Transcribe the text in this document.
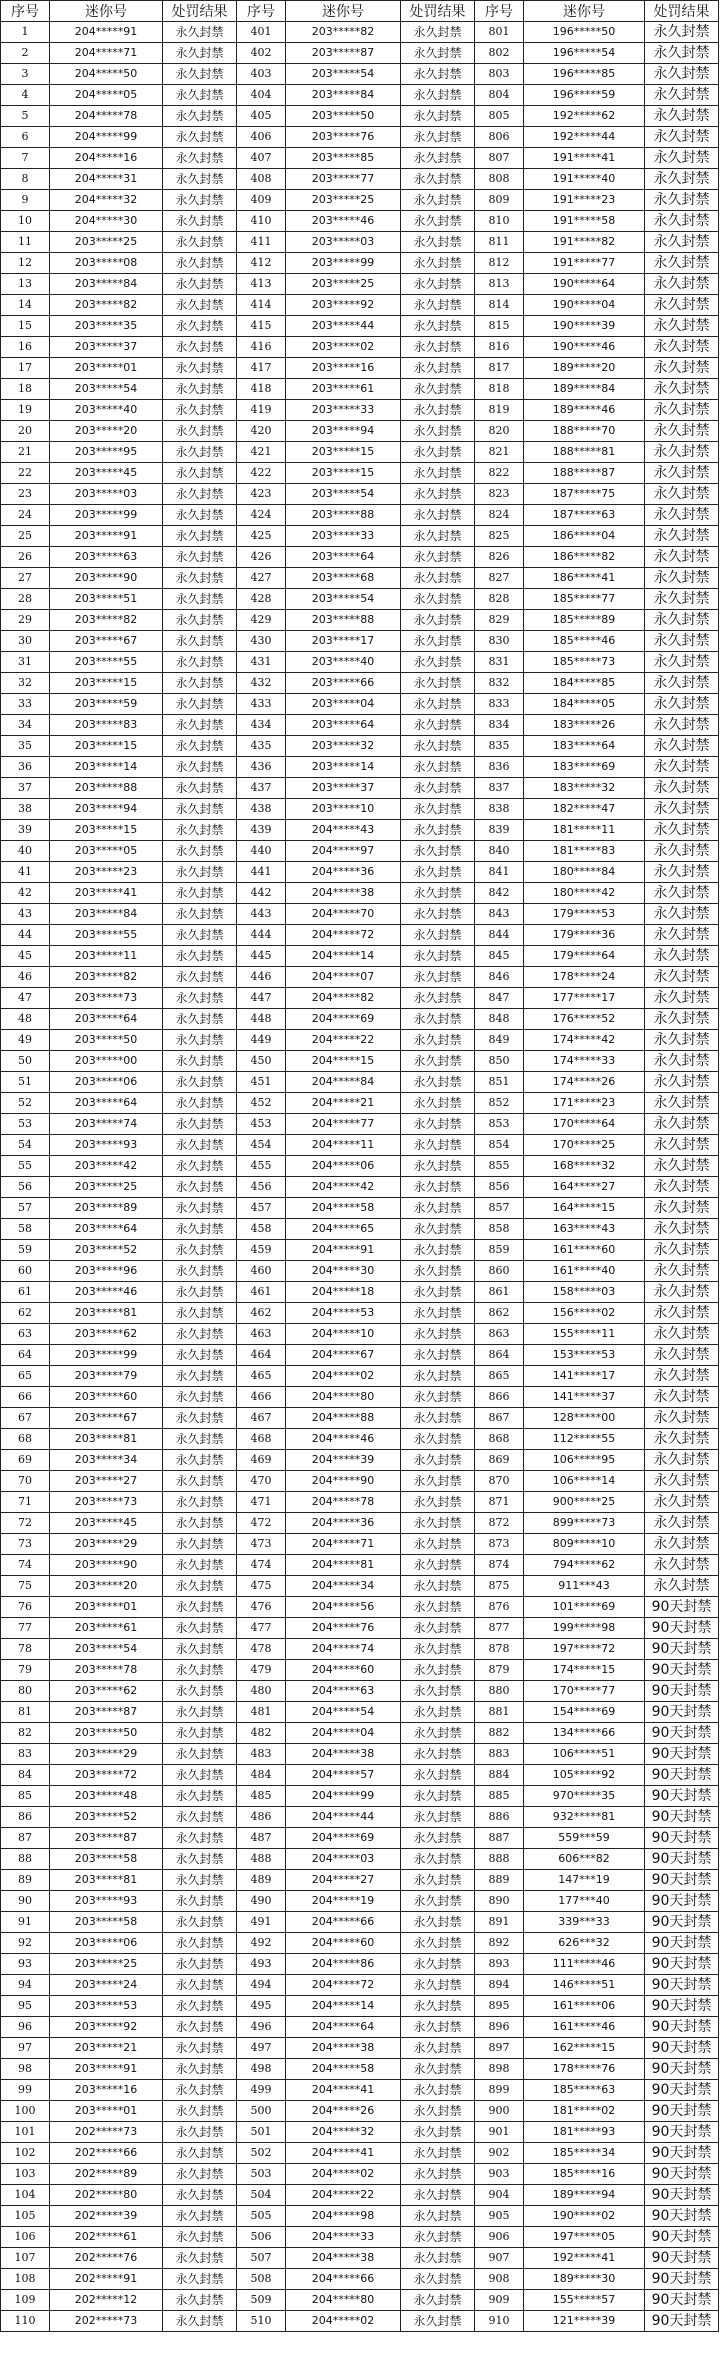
序号	迷你号	处罚结果	序号	迷你号	处罚结果	序号	迷你号	处罚结果
1	204*****91	永久封禁	401	203*****82	永久封禁	801	196*****50	永久封禁
2	204*****71	永久封禁	402	203*****87	永久封禁	802	196*****54	永久封禁
3	204*****50	永久封禁	403	203*****54	永久封禁	803	196*****85	永久封禁
4	204*****05	永久封禁	404	203*****84	永久封禁	804	196*****59	永久封禁
5	204*****78	永久封禁	405	203*****50	永久封禁	805	192*****62	永久封禁
6	204*****99	永久封禁	406	203*****76	永久封禁	806	192*****44	永久封禁
7	204*****16	永久封禁	407	203*****85	永久封禁	807	191*****41	永久封禁
8	204*****31	永久封禁	408	203*****77	永久封禁	808	191*****40	永久封禁
9	204*****32	永久封禁	409	203*****25	永久封禁	809	191*****23	永久封禁
10	204*****30	永久封禁	410	203*****46	永久封禁	810	191*****58	永久封禁
11	203*****25	永久封禁	411	203*****03	永久封禁	811	191*****82	永久封禁
12	203*****08	永久封禁	412	203*****99	永久封禁	812	191*****77	永久封禁
13	203*****84	永久封禁	413	203*****25	永久封禁	813	190*****64	永久封禁
14	203*****82	永久封禁	414	203*****92	永久封禁	814	190*****04	永久封禁
15	203*****35	永久封禁	415	203*****44	永久封禁	815	190*****39	永久封禁
16	203*****37	永久封禁	416	203*****02	永久封禁	816	190*****46	永久封禁
17	203*****01	永久封禁	417	203*****16	永久封禁	817	189*****20	永久封禁
18	203*****54	永久封禁	418	203*****61	永久封禁	818	189*****84	永久封禁
19	203*****40	永久封禁	419	203*****33	永久封禁	819	189*****46	永久封禁
20	203*****20	永久封禁	420	203*****94	永久封禁	820	188*****70	永久封禁
21	203*****95	永久封禁	421	203*****15	永久封禁	821	188*****81	永久封禁
22	203*****45	永久封禁	422	203*****15	永久封禁	822	188*****87	永久封禁
23	203*****03	永久封禁	423	203*****54	永久封禁	823	187*****75	永久封禁
24	203*****99	永久封禁	424	203*****88	永久封禁	824	187*****63	永久封禁
25	203*****91	永久封禁	425	203*****33	永久封禁	825	186*****04	永久封禁
26	203*****63	永久封禁	426	203*****64	永久封禁	826	186*****82	永久封禁
27	203*****90	永久封禁	427	203*****68	永久封禁	827	186*****41	永久封禁
28	203*****51	永久封禁	428	203*****54	永久封禁	828	185*****77	永久封禁
29	203*****82	永久封禁	429	203*****88	永久封禁	829	185*****89	永久封禁
30	203*****67	永久封禁	430	203*****17	永久封禁	830	185*****46	永久封禁
31	203*****55	永久封禁	431	203*****40	永久封禁	831	185*****73	永久封禁
32	203*****15	永久封禁	432	203*****66	永久封禁	832	184*****85	永久封禁
33	203*****59	永久封禁	433	203*****04	永久封禁	833	184*****05	永久封禁
34	203*****83	永久封禁	434	203*****64	永久封禁	834	183*****26	永久封禁
35	203*****15	永久封禁	435	203*****32	永久封禁	835	183*****64	永久封禁
36	203*****14	永久封禁	436	203*****14	永久封禁	836	183*****69	永久封禁
37	203*****88	永久封禁	437	203*****37	永久封禁	837	183*****32	永久封禁
38	203*****94	永久封禁	438	203*****10	永久封禁	838	182*****47	永久封禁
39	203*****15	永久封禁	439	204*****43	永久封禁	839	181*****11	永久封禁
40	203*****05	永久封禁	440	204*****97	永久封禁	840	181*****83	永久封禁
41	203*****23	永久封禁	441	204*****36	永久封禁	841	180*****84	永久封禁
42	203*****41	永久封禁	442	204*****38	永久封禁	842	180*****42	永久封禁
43	203*****84	永久封禁	443	204*****70	永久封禁	843	179*****53	永久封禁
44	203*****55	永久封禁	444	204*****72	永久封禁	844	179*****36	永久封禁
45	203*****11	永久封禁	445	204*****14	永久封禁	845	179*****64	永久封禁
46	203*****82	永久封禁	446	204*****07	永久封禁	846	178*****24	永久封禁
47	203*****73	永久封禁	447	204*****82	永久封禁	847	177*****17	永久封禁
48	203*****64	永久封禁	448	204*****69	永久封禁	848	176*****52	永久封禁
49	203*****50	永久封禁	449	204*****22	永久封禁	849	174*****42	永久封禁
50	203*****00	永久封禁	450	204*****15	永久封禁	850	174*****33	永久封禁
51	203*****06	永久封禁	451	204*****84	永久封禁	851	174*****26	永久封禁
52	203*****64	永久封禁	452	204*****21	永久封禁	852	171*****23	永久封禁
53	203*****74	永久封禁	453	204*****77	永久封禁	853	170*****64	永久封禁
54	203*****93	永久封禁	454	204*****11	永久封禁	854	170*****25	永久封禁
55	203*****42	永久封禁	455	204*****06	永久封禁	855	168*****32	永久封禁
56	203*****25	永久封禁	456	204*****42	永久封禁	856	164*****27	永久封禁
57	203*****89	永久封禁	457	204*****58	永久封禁	857	164*****15	永久封禁
58	203*****64	永久封禁	458	204*****65	永久封禁	858	163*****43	永久封禁
59	203*****52	永久封禁	459	204*****91	永久封禁	859	161*****60	永久封禁
60	203*****96	永久封禁	460	204*****30	永久封禁	860	161*****40	永久封禁
61	203*****46	永久封禁	461	204*****18	永久封禁	861	158*****03	永久封禁
62	203*****81	永久封禁	462	204*****53	永久封禁	862	156*****02	永久封禁
63	203*****62	永久封禁	463	204*****10	永久封禁	863	155*****11	永久封禁
64	203*****99	永久封禁	464	204*****67	永久封禁	864	153*****53	永久封禁
65	203*****79	永久封禁	465	204*****02	永久封禁	865	141*****17	永久封禁
66	203*****60	永久封禁	466	204*****80	永久封禁	866	141*****37	永久封禁
67	203*****67	永久封禁	467	204*****88	永久封禁	867	128*****00	永久封禁
68	203*****81	永久封禁	468	204*****46	永久封禁	868	112*****55	永久封禁
69	203*****34	永久封禁	469	204*****39	永久封禁	869	106*****95	永久封禁
70	203*****27	永久封禁	470	204*****90	永久封禁	870	106*****14	永久封禁
71	203*****73	永久封禁	471	204*****78	永久封禁	871	900*****25	永久封禁
72	203*****45	永久封禁	472	204*****36	永久封禁	872	899*****73	永久封禁
73	203*****29	永久封禁	473	204*****71	永久封禁	873	809*****10	永久封禁
74	203*****90	永久封禁	474	204*****81	永久封禁	874	794*****62	永久封禁
75	203*****20	永久封禁	475	204*****34	永久封禁	875	911***43	永久封禁
76	203*****01	永久封禁	476	204*****56	永久封禁	876	101*****69	90天封禁
77	203*****61	永久封禁	477	204*****76	永久封禁	877	199*****98	90天封禁
78	203*****54	永久封禁	478	204*****74	永久封禁	878	197*****72	90天封禁
79	203*****78	永久封禁	479	204*****60	永久封禁	879	174*****15	90天封禁
80	203*****62	永久封禁	480	204*****63	永久封禁	880	170*****77	90天封禁
81	203*****87	永久封禁	481	204*****54	永久封禁	881	154*****69	90天封禁
82	203*****50	永久封禁	482	204*****04	永久封禁	882	134*****66	90天封禁
83	203*****29	永久封禁	483	204*****38	永久封禁	883	106*****51	90天封禁
84	203*****72	永久封禁	484	204*****57	永久封禁	884	105*****92	90天封禁
85	203*****48	永久封禁	485	204*****99	永久封禁	885	970*****35	90天封禁
86	203*****52	永久封禁	486	204*****44	永久封禁	886	932*****81	90天封禁
87	203*****87	永久封禁	487	204*****69	永久封禁	887	559***59	90天封禁
88	203*****58	永久封禁	488	204*****03	永久封禁	888	606***82	90天封禁
89	203*****81	永久封禁	489	204*****27	永久封禁	889	147***19	90天封禁
90	203*****93	永久封禁	490	204*****19	永久封禁	890	177***40	90天封禁
91	203*****58	永久封禁	491	204*****66	永久封禁	891	339***33	90天封禁
92	203*****06	永久封禁	492	204*****60	永久封禁	892	626***32	90天封禁
93	203*****25	永久封禁	493	204*****86	永久封禁	893	111*****46	90天封禁
94	203*****24	永久封禁	494	204*****72	永久封禁	894	146*****51	90天封禁
95	203*****53	永久封禁	495	204*****14	永久封禁	895	161*****06	90天封禁
96	203*****92	永久封禁	496	204*****64	永久封禁	896	161*****46	90天封禁
97	203*****21	永久封禁	497	204*****38	永久封禁	897	162*****15	90天封禁
98	203*****91	永久封禁	498	204*****58	永久封禁	898	178*****76	90天封禁
99	203*****16	永久封禁	499	204*****41	永久封禁	899	185*****63	90天封禁
100	203*****01	永久封禁	500	204*****26	永久封禁	900	181*****02	90天封禁
101	202*****73	永久封禁	501	204*****32	永久封禁	901	181*****93	90天封禁
102	202*****66	永久封禁	502	204*****41	永久封禁	902	185*****34	90天封禁
103	202*****89	永久封禁	503	204*****02	永久封禁	903	185*****16	90天封禁
104	202*****80	永久封禁	504	204*****22	永久封禁	904	189*****94	90天封禁
105	202*****39	永久封禁	505	204*****98	永久封禁	905	190*****02	90天封禁
106	202*****61	永久封禁	506	204*****33	永久封禁	906	197*****05	90天封禁
107	202*****76	永久封禁	507	204*****38	永久封禁	907	192*****41	90天封禁
108	202*****91	永久封禁	508	204*****66	永久封禁	908	189*****30	90天封禁
109	202*****12	永久封禁	509	204*****80	永久封禁	909	155*****57	90天封禁
110	202*****73	永久封禁	510	204*****02	永久封禁	910	121*****39	90天封禁
